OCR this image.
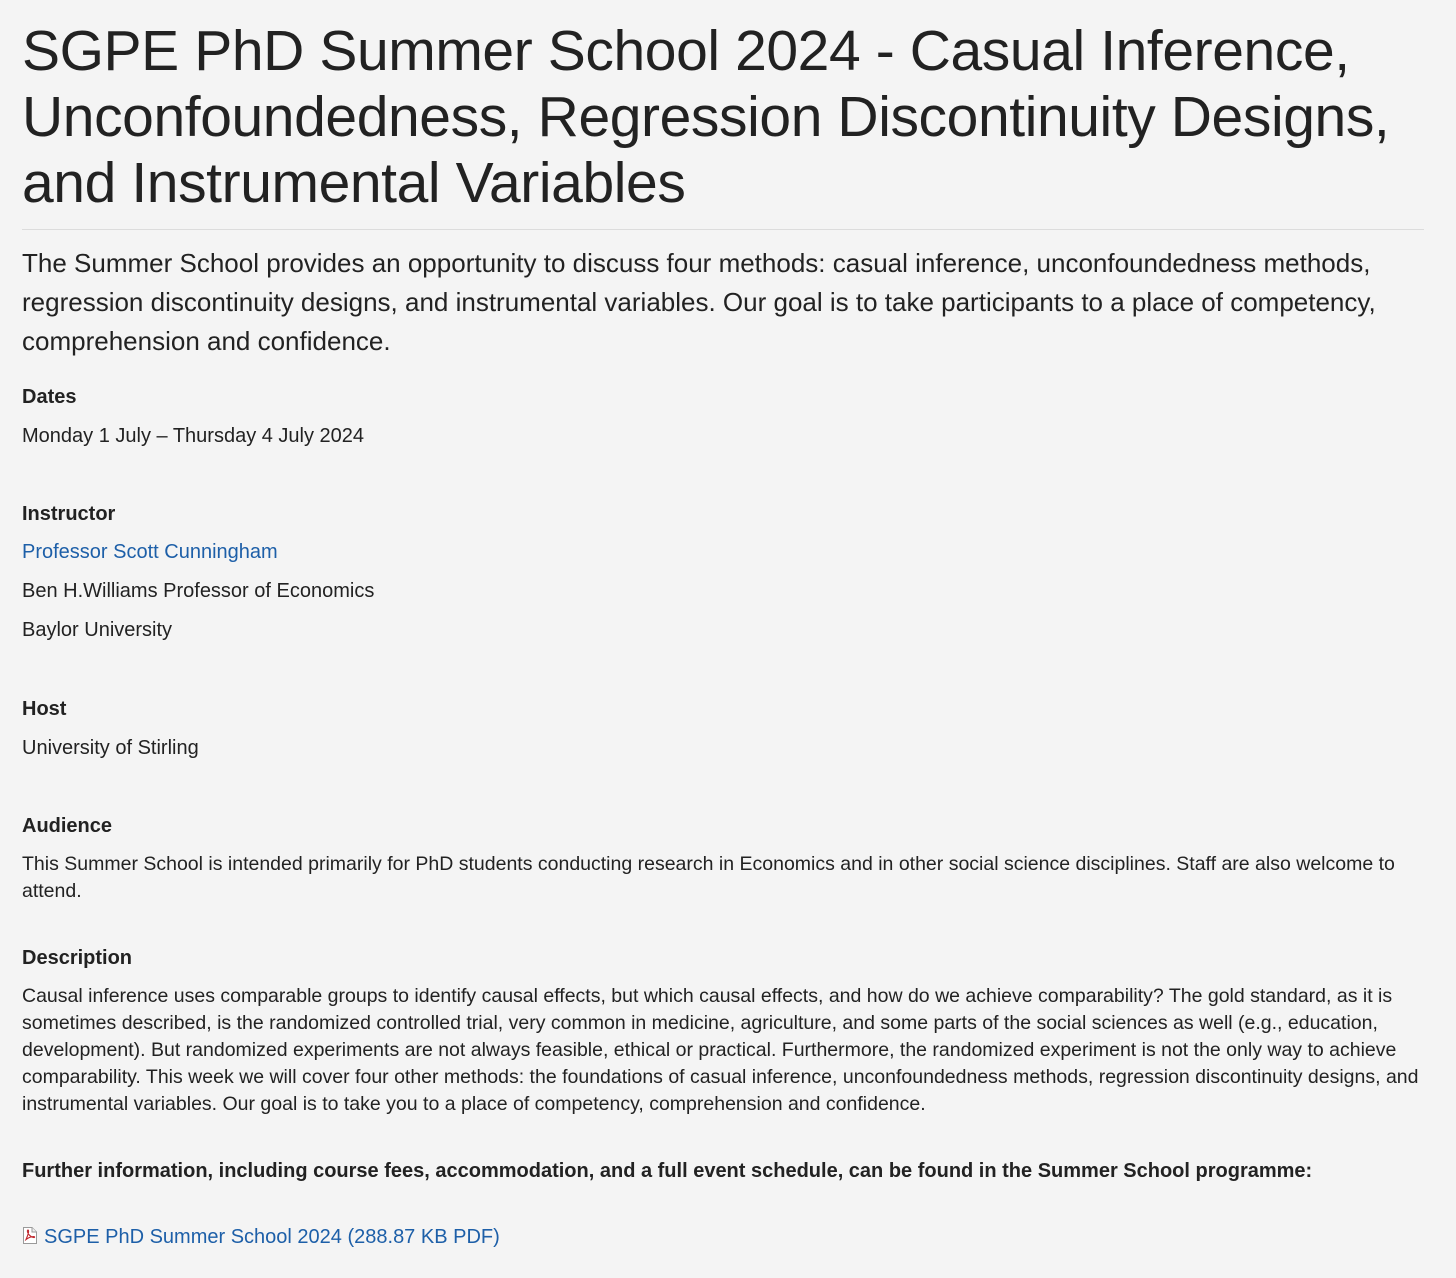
SGPE PhD Summer School 2024 - Casual Inference, Unconfoundedness, Regression Discontinuity Designs, and Instrumental Variables

The Summer School provides an opportunity to discuss four methods: casual inference, unconfoundedness methods, regression discontinuity designs, and instrumental variables. Our goal is to take participants to a place of competency, comprehension and confidence.

Dates

Monday 1 July – Thursday 4 July 2024

Instructor

Professor Scott Cunningham
Ben H.Williams Professor of Economics
Baylor University

Host

University of Stirling

Audience

This Summer School is intended primarily for PhD students conducting research in Economics and in other social science disciplines. Staff are also welcome to attend.

Description

Causal inference uses comparable groups to identify causal effects, but which causal effects, and how do we achieve comparability? The gold standard, as it is sometimes described, is the randomized controlled trial, very common in medicine, agriculture, and some parts of the social sciences as well (e.g., education, development). But randomized experiments are not always feasible, ethical or practical. Furthermore, the randomized experiment is not the only way to achieve comparability. This week we will cover four other methods: the foundations of casual inference, unconfoundedness methods, regression discontinuity designs, and instrumental variables. Our goal is to take you to a place of competency, comprehension and confidence.

Further information, including course fees, accommodation, and a full event schedule, can be found in the Summer School programme:

SGPE PhD Summer School 2024 (288.87 KB PDF)
